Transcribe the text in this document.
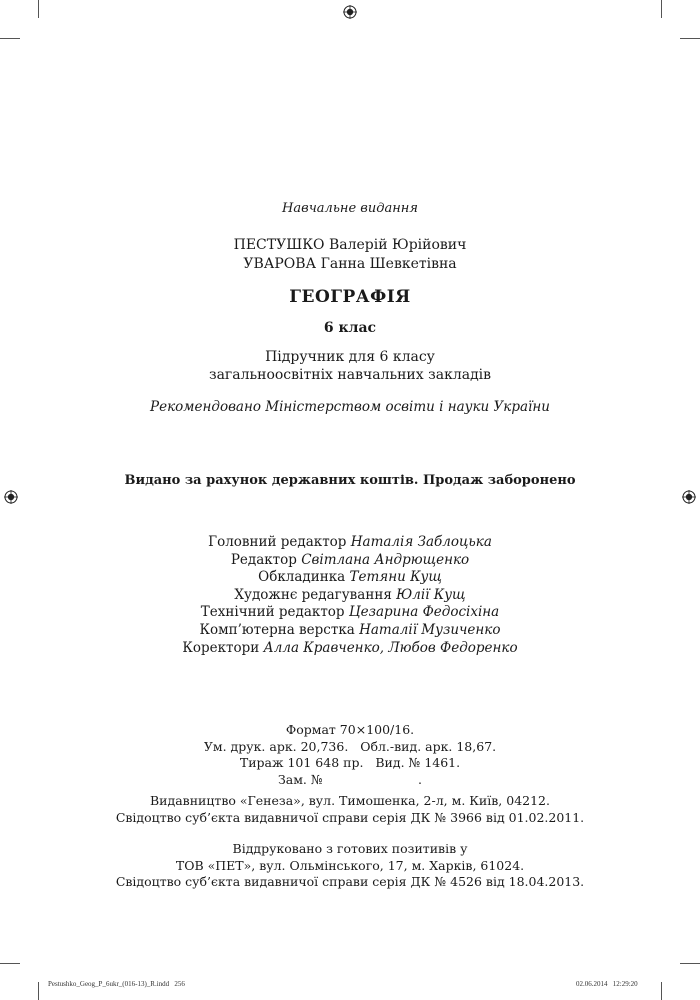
Навчальне видання
ПЕСТУШКО Валерій Юрійович
УВАРОВА Ганна Шевкетівна
ГЕОГРАФІЯ
6 клас
Підручник для 6 класу
загальноосвітніх навчальних закладів
Рекомендовано Міністерством освіти і науки України
Видано за рахунок державних коштів. Продаж заборонено
Головний редактор Наталія Заблоцька
Редактор Світлана Андрющенко
Обкладинка Тетяни Кущ
Художнє редагування Юлії Кущ
Технічний редактор Цезарина Федосіхіна
Комп’ютерна верстка Наталії Музиченко
Коректори Алла Кравченко, Любов Федоренко
Формат 70×100/16.
Ум. друк. арк. 20,736.   Обл.-вид. арк. 18,67.
Тираж 101 648 пр.   Вид. № 1461.
Зам. №                        .
Видавництво «Генеза», вул. Тимошенка, 2-л, м. Київ, 04212.
Свідоцтво суб’єкта видавничої справи серія ДК № 3966 від 01.02.2011.
Віддруковано з готових позитивів у
ТОВ «ПЕТ», вул. Ольмінського, 17, м. Харків, 61024.
Свідоцтво суб’єкта видавничої справи серія ДК № 4526 від 18.04.2013.
Pestushko_Geog_P_6ukr_(016-13)_R.indd   256	02.06.2014   12:29:20
